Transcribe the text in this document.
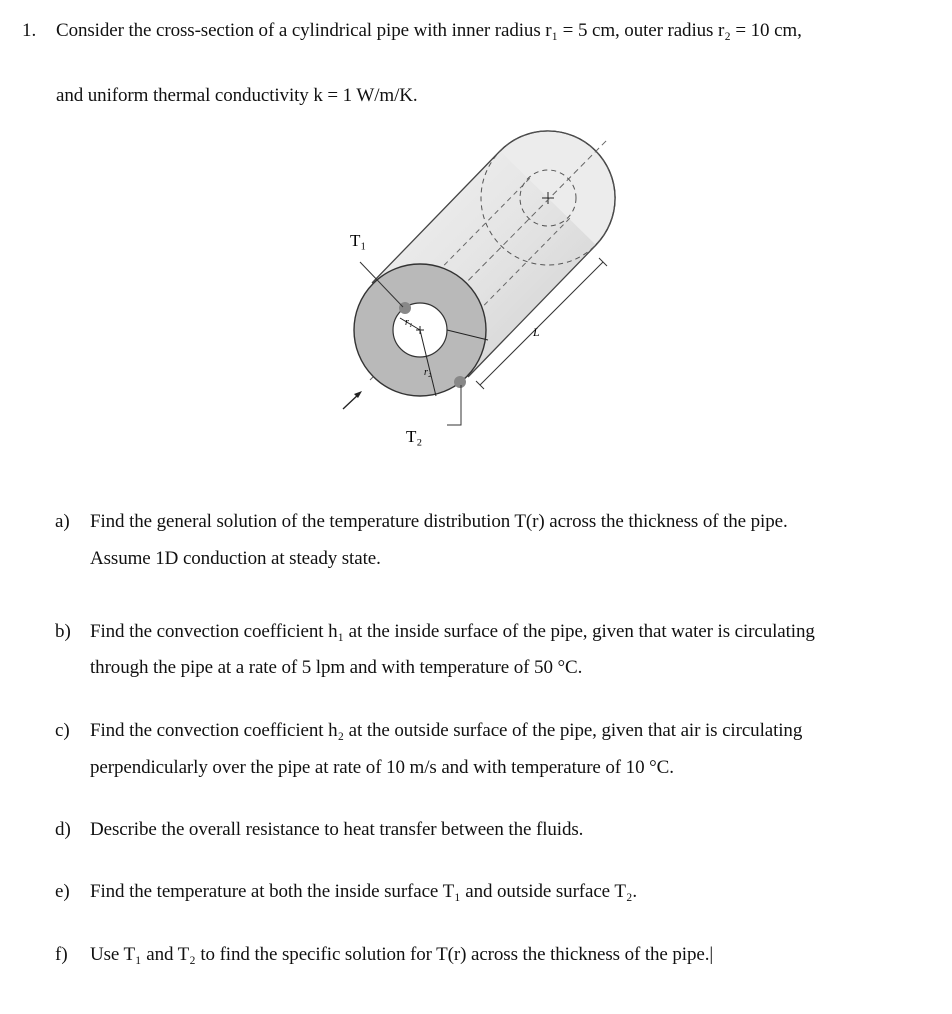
1. Consider the cross-section of a cylindrical pipe with inner radius r₁ = 5 cm, outer radius r₂ = 10 cm,
and uniform thermal conductivity k = 1 W/m/K.
T₁
T₂
r₁
r₂
L
a) Find the general solution of the temperature distribution T(r) across the thickness of the pipe.
Assume 1D conduction at steady state.
b) Find the convection coefficient h₁ at the inside surface of the pipe, given that water is circulating
through the pipe at a rate of 5 lpm and with temperature of 50 °C.
c) Find the convection coefficient h₂ at the outside surface of the pipe, given that air is circulating
perpendicularly over the pipe at rate of 10 m/s and with temperature of 10 °C.
d) Describe the overall resistance to heat transfer between the fluids.
e) Find the temperature at both the inside surface T₁ and outside surface T₂.
f) Use T₁ and T₂ to find the specific solution for T(r) across the thickness of the pipe.|
